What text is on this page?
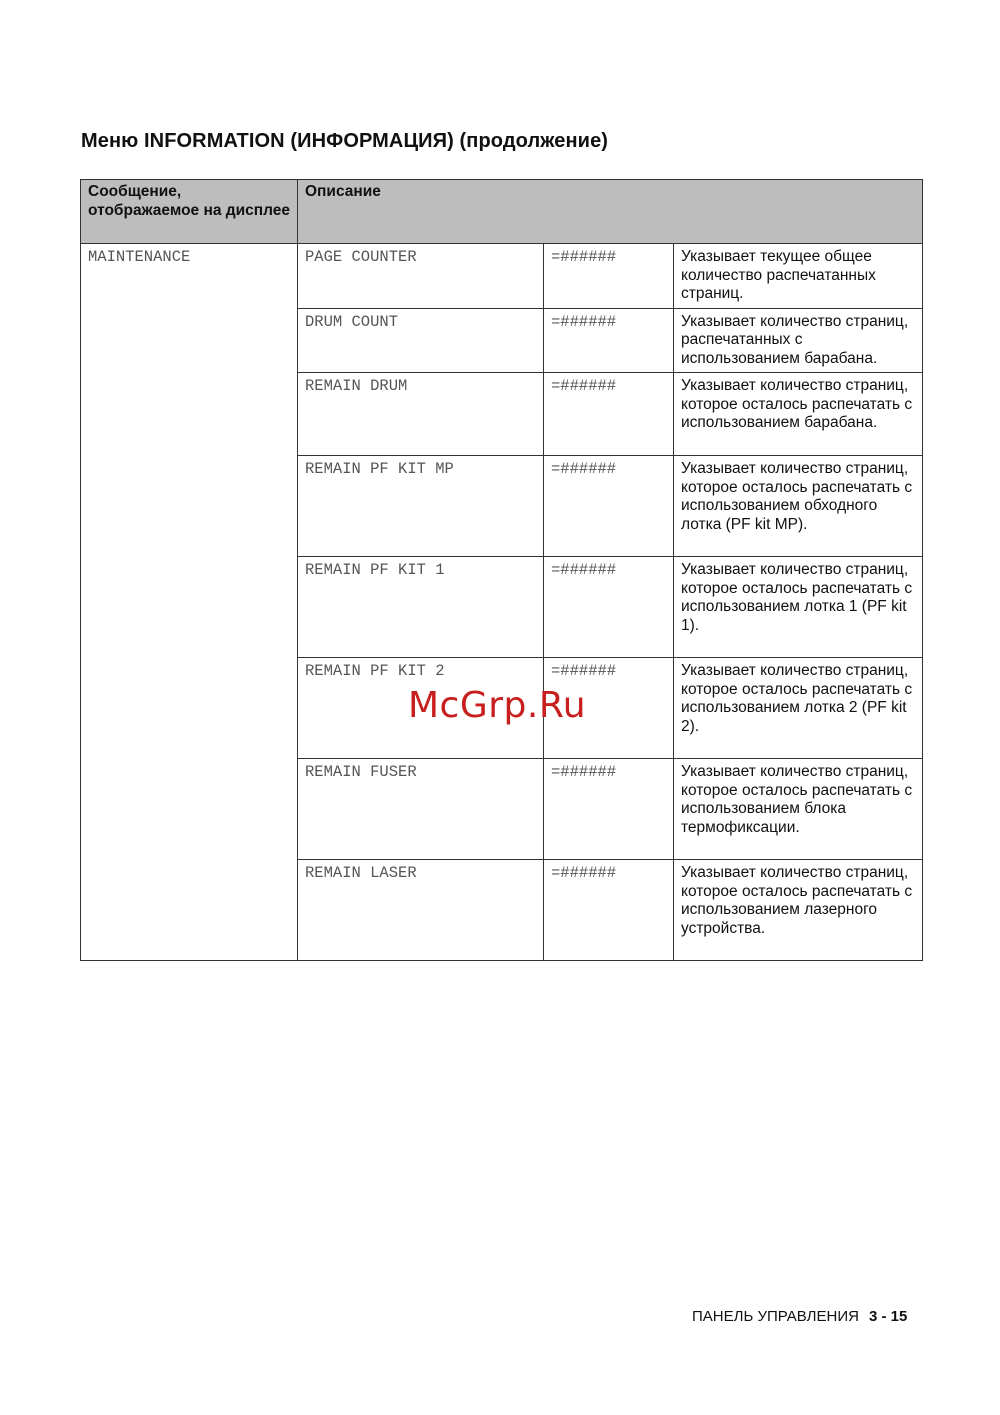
Меню INFORMATION (ИНФОРМАЦИЯ) (продолжение)
Сообщение, отображаемое на дисплее	Описание		
MAINTENANCE	PAGE COUNTER	=######	Указывает текущее общее количество распечатанных страниц.
	DRUM COUNT	=######	Указывает количество страниц, распечатанных с использованием барабана.
	REMAIN DRUM	=######	Указывает количество страниц, которое осталось распечатать с использованием барабана.
	REMAIN PF KIT MP	=######	Указывает количество страниц, которое осталось распечатать с использованием обходного лотка (PF kit MP).
	REMAIN PF KIT 1	=######	Указывает количество страниц, которое осталось распечатать с использованием лотка 1 (PF kit 1).
	REMAIN PF KIT 2	=######	Указывает количество страниц, которое осталось распечатать с использованием лотка 2 (PF kit 2).
	REMAIN FUSER	=######	Указывает количество страниц, которое осталось распечатать с использованием блока термофиксации.
	REMAIN LASER	=######	Указывает количество страниц, которое осталось распечатать с использованием лазерного устройства.
McGrp.Ru
ПАНЕЛЬ УПРАВЛЕНИЯ 3 - 15
